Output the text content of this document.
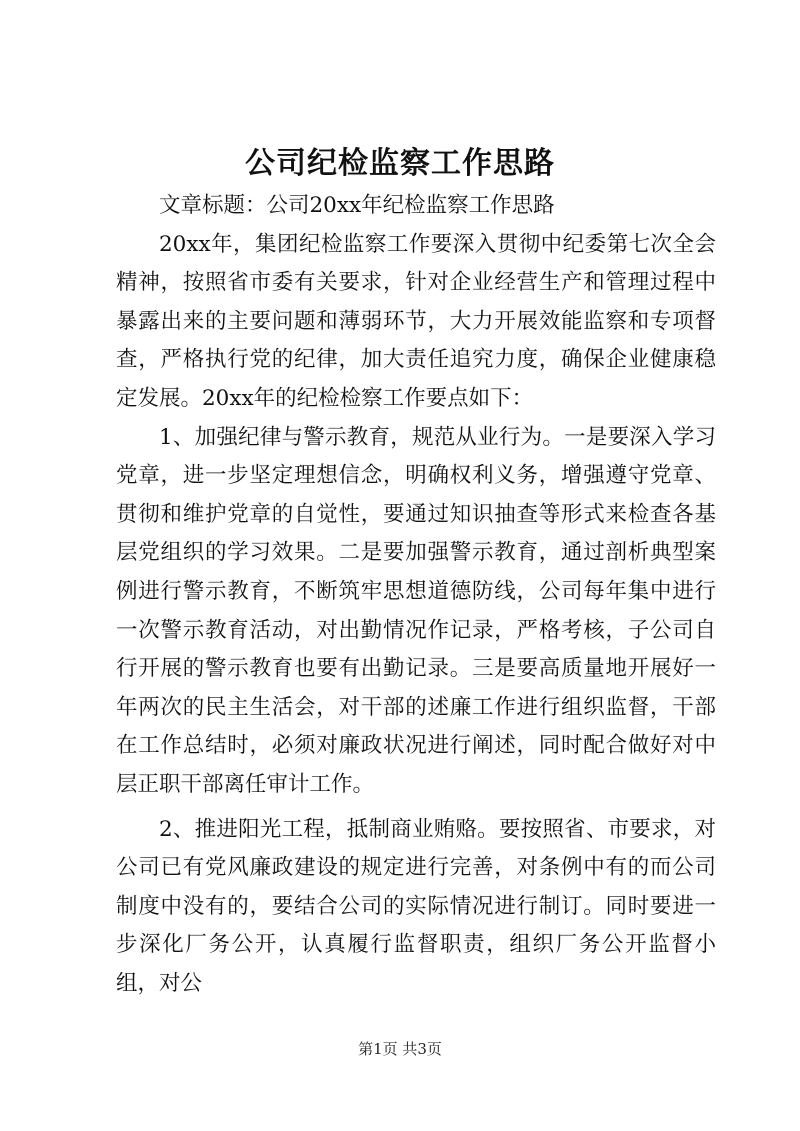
公司纪检监察工作思路

文章标题：公司20xx年纪检监察工作思路

20xx年，集团纪检监察工作要深入贯彻中纪委第七次全会精神，按照省市委有关要求，针对企业经营生产和管理过程中暴露出来的主要问题和薄弱环节，大力开展效能监察和专项督查，严格执行党的纪律，加大责任追究力度，确保企业健康稳定发展。20xx年的纪检检察工作要点如下：

1、加强纪律与警示教育，规范从业行为。一是要深入学习党章，进一步坚定理想信念，明确权利义务，增强遵守党章、贯彻和维护党章的自觉性，要通过知识抽查等形式来检查各基层党组织的学习效果。二是要加强警示教育，通过剖析典型案例进行警示教育，不断筑牢思想道德防线，公司每年集中进行一次警示教育活动，对出勤情况作记录，严格考核，子公司自行开展的警示教育也要有出勤记录。三是要高质量地开展好一年两次的民主生活会，对干部的述廉工作进行组织监督，干部在工作总结时，必须对廉政状况进行阐述，同时配合做好对中层正职干部离任审计工作。

2、推进阳光工程，抵制商业贿赂。要按照省、市要求，对公司已有党风廉政建设的规定进行完善，对条例中有的而公司制度中没有的，要结合公司的实际情况进行制订。同时要进一步深化厂务公开，认真履行监督职责，组织厂务公开监督小组，对公

第1页 共3页
